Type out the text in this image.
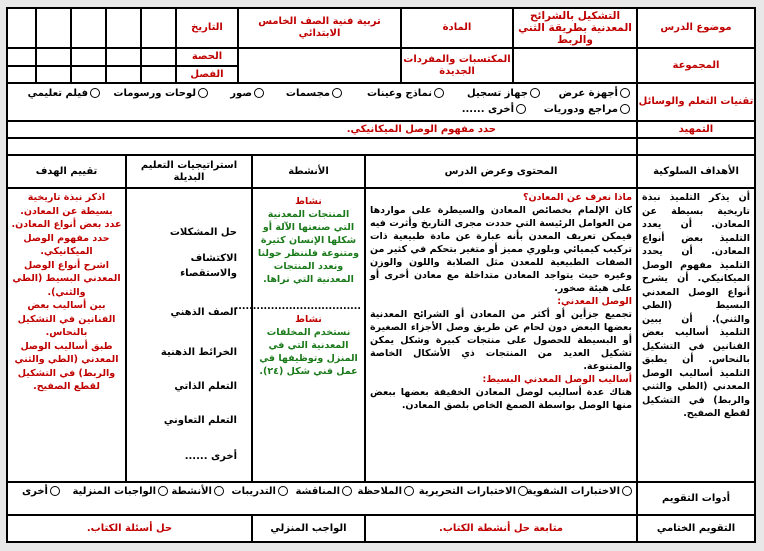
موضوع الدرس
التشكيل بالشرائح المعدنية بطريقة الثني والربط
المادة
تربية فنية الصف الخامس الابتدائي
التاريخ
المجموعة
المكتسبات والمفردات الجديدة
الحصة
الفصل
تقنيات التعلم والوسائل
أجهزة عرض
جهاز تسجيل
نماذج وعينات
مجسمات
صور
لوحات ورسومات
فيلم تعليمي
مراجع ودوريات
أخرى ......
التمهيد
حدد مفهوم الوصل الميكانيكي.
الأهداف السلوكية
المحتوى وعرض الدرس
الأنشطة
استراتيجيات التعليم البديلة
تقييم الهدف
أن يذكر التلميذ نبذة تاريخية بسيطة عن المعادن. أن يعدد التلميذ بعض أنواع المعادن. أن يحدد التلميذ مفهوم الوصل الميكانيكي. أن يشرح أنواع الوصل المعدني البسيط (الطي والثني). أن يبين التلميذ أساليب بعض الفنانين في التشكيل بالنحاس. أن يطبق التلميذ أساليب الوصل المعدني (الطي والثني والربط) في التشكيل لقطع الصفيح.
ماذا نعرف عن المعادن؟
كان الإلمام بخصائص المعادن والسيطرة على مواردها من العوامل الرئيسة التي حددت مجرى التاريخ وأثرت فيه فيمكن تعريف المعدن بأنه عبارة عن مادة طبيعية ذات تركيب كيميائي وبلوري مميز أو متغير بتحكم في كثير من الصفات الطبيعية للمعدن مثل الصلابة واللون والوزن وغيره حيث يتواجد المعادن متداخلة مع معادن أخرى أو على هيئة صخور.
الوصل المعدني:
تجميع جزأين أو أكثر من المعادن أو الشرائح المعدنية بعضها البعض دون لحام عن طريق وصل الأجزاء الصغيرة أو البسيطة للحصول على منتجات كبيرة وشكل يمكن تشكيل العديد من المنتجات ذي الأشكال الخاصة والمتنوعة.
أساليب الوصل المعدني البسيط:
هناك عدة أساليب لوصل المعادن الخفيفة بعضها ببعض منها الوصل بواسطة الصمغ الخاص بلصق المعادن.
نشاط
المنتجات المعدنية التي صنعتها الآلة أو شكلها الإنسان كثيرة ومتنوعة فلننظر حولنا ونعدد المنتجات المعدنية التي نراها.
...................................
نشاط
نستخدم المخلفات المعدنية التي في المنزل وتوظيفها في عمل فني شكل (٢٤).
حل المشكلات
الاكتشاف والاستقصاء
الصف الذهني
الخرائط الذهنية
التعلم الذاتي
التعلم التعاوني
أخرى ......
اذكر نبذة تاريخية بسيطة عن المعادن.
عدد بعض أنواع المعادن.
حدد مفهوم الوصل الميكانيكي.
اشرح أنواع الوصل المعدني البسيط (الطي والثني).
بين أساليب بعض الفنانين في التشكيل بالنحاس.
طبق أساليب الوصل المعدني (الطي والثني والربط) في التشكيل لقطع الصفيح.
أدوات التقويم
الاختبارات الشفوية
الاختبارات التحريرية
الملاحظة
المناقشة
التدريبات
الأنشطة
الواجبات المنزلية
أخرى
التقويم الختامي
متابعة حل أنشطة الكتاب.
الواجب المنزلي
حل أسئلة الكتاب.
